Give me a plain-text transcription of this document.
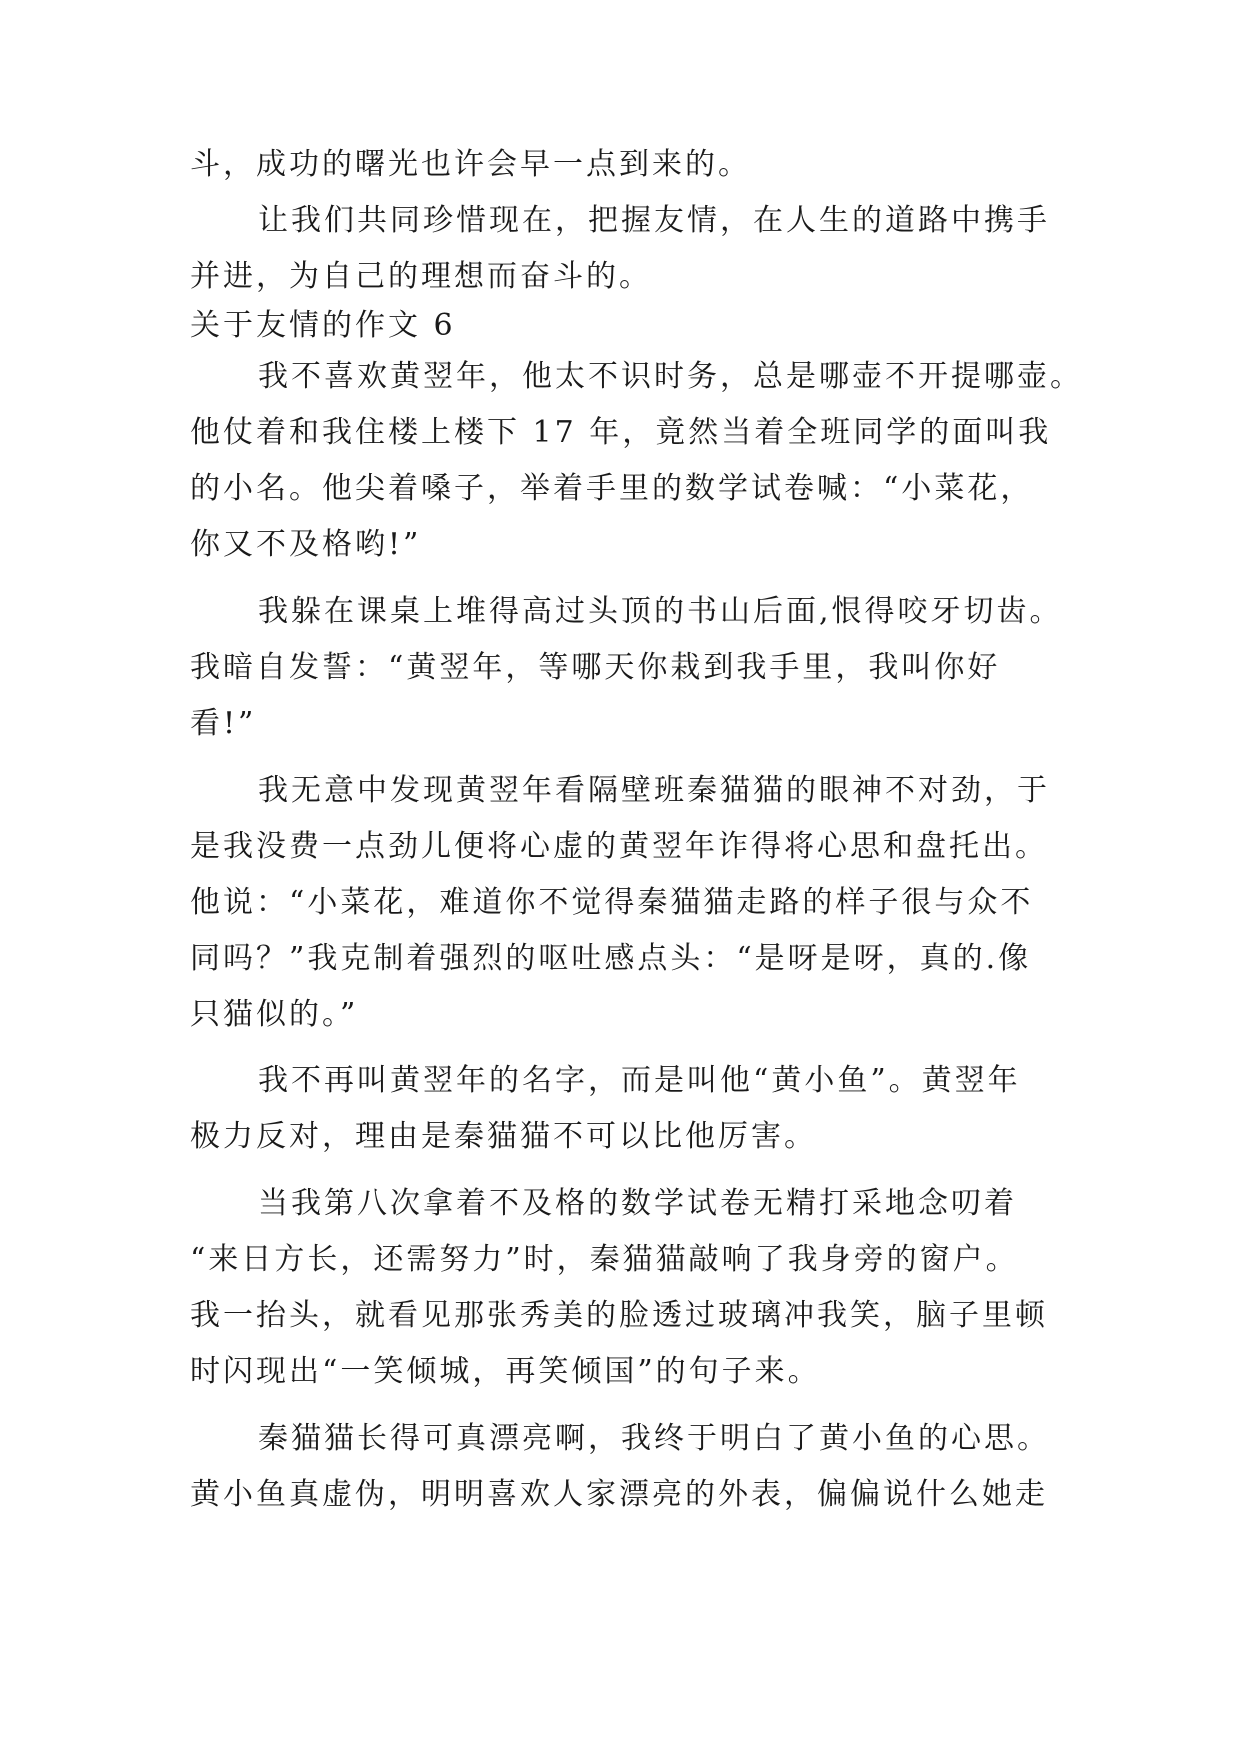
斗，成功的曙光也许会早一点到来的。
让我们共同珍惜现在，把握友情，在人生的道路中携手
并进，为自己的理想而奋斗的。
关于友情的作文 6
我不喜欢黄翌年，他太不识时务，总是哪壶不开提哪壶。
他仗着和我住楼上楼下 17 年，竟然当着全班同学的面叫我
的小名。他尖着嗓子，举着手里的数学试卷喊：“小菜花，
你又不及格哟!”
我躲在课桌上堆得高过头顶的书山后面,恨得咬牙切齿。
我暗自发誓：“黄翌年，等哪天你栽到我手里，我叫你好
看!”
我无意中发现黄翌年看隔壁班秦猫猫的眼神不对劲，于
是我没费一点劲儿便将心虚的黄翌年诈得将心思和盘托出。
他说：“小菜花，难道你不觉得秦猫猫走路的样子很与众不
同吗？”我克制着强烈的呕吐感点头：“是呀是呀，真的.像
只猫似的。”
我不再叫黄翌年的名字，而是叫他“黄小鱼”。黄翌年
极力反对，理由是秦猫猫不可以比他厉害。
当我第八次拿着不及格的数学试卷无精打采地念叨着
“来日方长，还需努力”时，秦猫猫敲响了我身旁的窗户。
我一抬头，就看见那张秀美的脸透过玻璃冲我笑，脑子里顿
时闪现出“一笑倾城，再笑倾国”的句子来。
秦猫猫长得可真漂亮啊，我终于明白了黄小鱼的心思。
黄小鱼真虚伪，明明喜欢人家漂亮的外表，偏偏说什么她走
